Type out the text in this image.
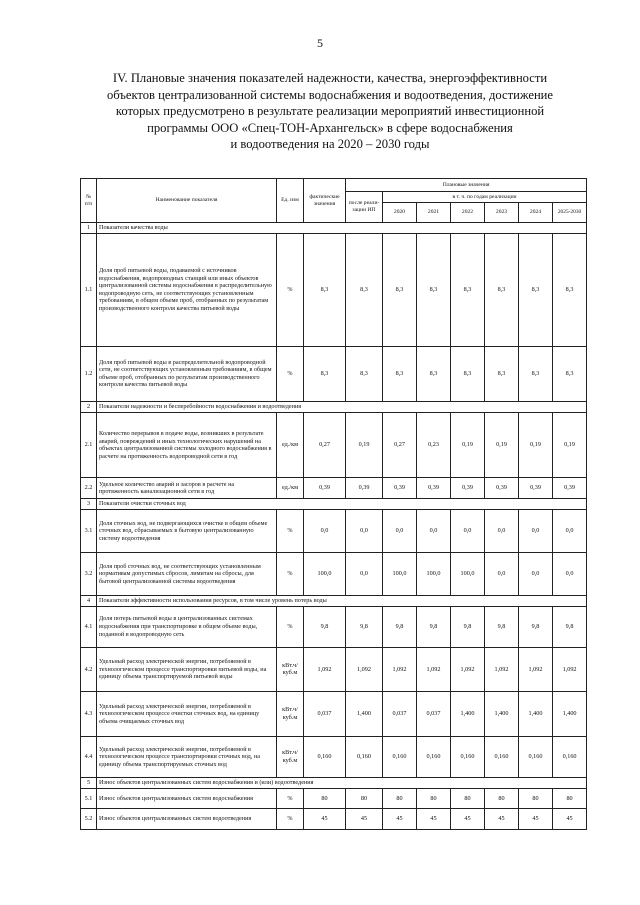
5
IV. Плановые значения показателей надежности, качества, энергоэффективности
объектов централизованной системы водоснабжения и водоотведения, достижение
которых предусмотрено в результате реализации мероприятий инвестиционной
программы ООО «Спец-ТОН-Архангельск» в сфере водоснабжения
и водоотведения на 2020 – 2030 годы
№ п/п	Наименование показателя	Ед. изм	фактические значения	Плановые значения						
				после реали-зации ИП	в т. ч. по годам реализации					
					2020	2021	2022	2023	2024	2025-2030
1	Показатели качества воды									
1.1	Доля проб питьевой воды, подаваемой с источников водоснабжения, водопроводных станций или иных объектов централизованной системы водоснабжения в распределительную водопроводную сеть, не соответствующих установленным требованиям, в общем объеме проб, отобранных по результатам производственного контроля качества питьевой воды	%	8,3	8,3	8,3	8,3	8,3	8,3	8,3	8,3
1.2	Доля проб питьевой воды в распределительной водопроводной сети, не соответствующих установленным требованиям, в общем объеме проб, отобранных по результатам производственного контроля качества питьевой воды	%	8,3	8,3	8,3	8,3	8,3	8,3	8,3	8,3
2	Показатели надежности и бесперебойности водоснабжения и водоотведения									
2.1	Количество перерывов в подаче воды, возникших в результате аварий, повреждений и иных технологических нарушений на объектах централизованной системы холодного водоснабжения в расчете на протяженность водопроводной сети в год	ед./км	0,27	0,19	0,27	0,23	0,19	0,19	0,19	0,19
2.2	Удельное количество аварий и засоров в расчете на протяженность канализационной сети в год	ед./км	0,39	0,39	0,39	0,39	0,39	0,39	0,39	0,39
3	Показатели очистки сточных вод									
3.1	Доля сточных вод, не подвергающихся очистке в общем объеме сточных вод, сбрасываемых в бытовую централизованную систему водоотведения	%	0,0	0,0	0,0	0,0	0,0	0,0	0,0	0,0
3.2	Доля проб сточных вод, не соответствующих установленным нормативам допустимых сбросов, лимитам на сбросы, для бытовой централизованной системы водоотведения	%	100,0	0,0	100,0	100,0	100,0	0,0	0,0	0,0
4	Показатели эффективности использования ресурсов, в том числе уровень потерь воды									
4.1	Доля потерь питьевой воды в централизованных системах водоснабжения при транспортировке в общем объеме воды, поданной в водопроводную сеть	%	9,8	9,8	9,8	9,8	9,8	9,8	9,8	9,8
4.2	Удельный расход электрической энергии, потребляемой в технологическом процессе транспортировки питьевой воды, на единицу объема транспортируемой питьевой воды	кВт.ч/куб.м	1,092	1,092	1,092	1,092	1,092	1,092	1,092	1,092
4.3	Удельный расход электрической энергии, потребляемой в технологическом процессе очистки сточных вод, на единицу объема очищаемых сточных вод	кВт.ч/куб.м	0,037	1,400	0,037	0,037	1,400	1,400	1,400	1,400
4.4	Удельный расход электрической энергии, потребляемой в технологическом процессе транспортировки сточных вод, на единицу объема транспортируемых сточных вод	кВт.ч/куб.м	0,160	0,160	0,160	0,160	0,160	0,160	0,160	0,160
5	Износ объектов централизованных систем водоснабжения и (или) водоотведения									
5.1	Износ объектов централизованных систем водоснабжения	%	80	80	80	80	80	80	80	80
5.2	Износ объектов централизованных систем водоотведения	%	45	45	45	45	45	45	45	45
